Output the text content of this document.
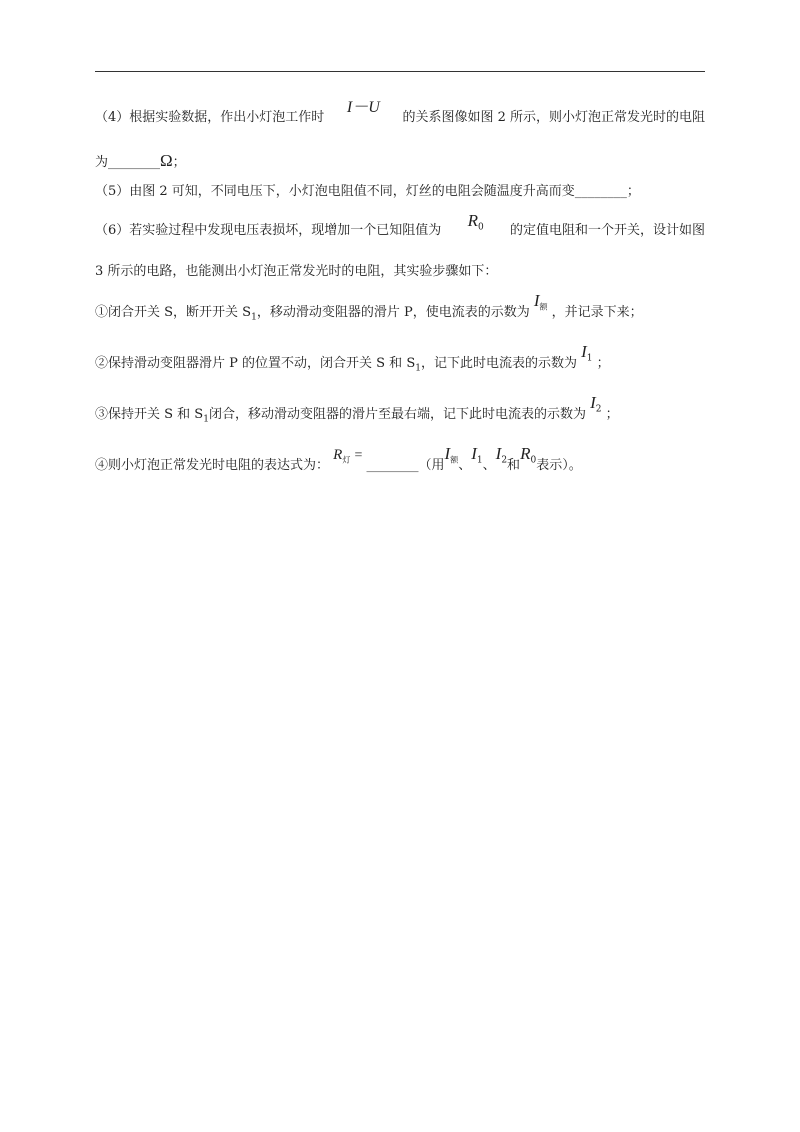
（4）根据实验数据，作出小灯泡工作时
I－U
的关系图像如图 2 所示，则小灯泡正常发光时的电阻
为________Ω；
（5）由图 2 可知，不同电压下，小灯泡电阻值不同，灯丝的电阻会随温度升高而变________；
（6）若实验过程中发现电压表损坏，现增加一个已知阻值为
$R_0$ 的定值电阻和一个开关，设计如图
3 所示的电路，也能测出小灯泡正常发光时的电阻，其实验步骤如下：
①闭合开关 S，断开开关 $S_1$，移动滑动变阻器的滑片 P，使电流表的示数为 $I_额$ ，并记录下来；
②保持滑动变阻器滑片 P 的位置不动，闭合开关 S 和 $S_1$，记下此时电流表的示数为 $I_1$ ；
③保持开关 S 和 $S_1$闭合，移动滑动变阻器的滑片至最右端，记下此时电流表的示数为 $I_2$ ；
④则小灯泡正常发光时电阻的表达式为： $R_灯$ = ________（用$I_额$、$I_1$、$I_2$和$R_0$表示）。
